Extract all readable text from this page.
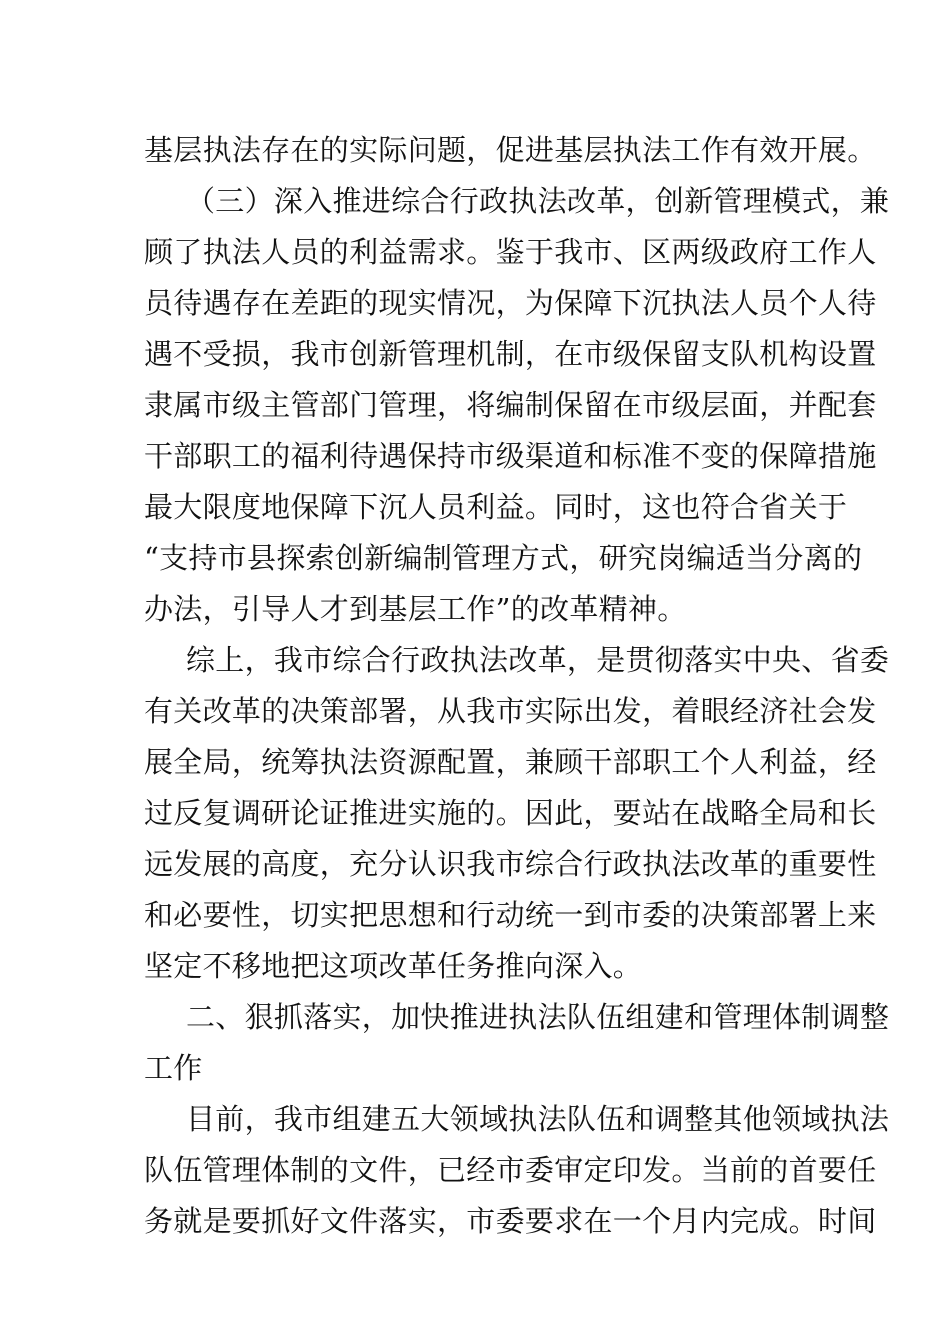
基层执法存在的实际问题，促进基层执法工作有效开展。
（三）深入推进综合行政执法改革，创新管理模式，兼
顾了执法人员的利益需求。鉴于我市、区两级政府工作人
员待遇存在差距的现实情况，为保障下沉执法人员个人待
遇不受损，我市创新管理机制，在市级保留支队机构设置
隶属市级主管部门管理，将编制保留在市级层面，并配套
干部职工的福利待遇保持市级渠道和标准不变的保障措施
最大限度地保障下沉人员利益。同时，这也符合省关于
“支持市县探索创新编制管理方式，研究岗编适当分离的
办法，引导人才到基层工作”的改革精神。
综上，我市综合行政执法改革，是贯彻落实中央、省委
有关改革的决策部署，从我市实际出发，着眼经济社会发
展全局，统筹执法资源配置，兼顾干部职工个人利益，经
过反复调研论证推进实施的。因此，要站在战略全局和长
远发展的高度，充分认识我市综合行政执法改革的重要性
和必要性，切实把思想和行动统一到市委的决策部署上来
坚定不移地把这项改革任务推向深入。
二、狠抓落实，加快推进执法队伍组建和管理体制调整
工作
目前，我市组建五大领域执法队伍和调整其他领域执法
队伍管理体制的文件，已经市委审定印发。当前的首要任
务就是要抓好文件落实，市委要求在一个月内完成。时间
